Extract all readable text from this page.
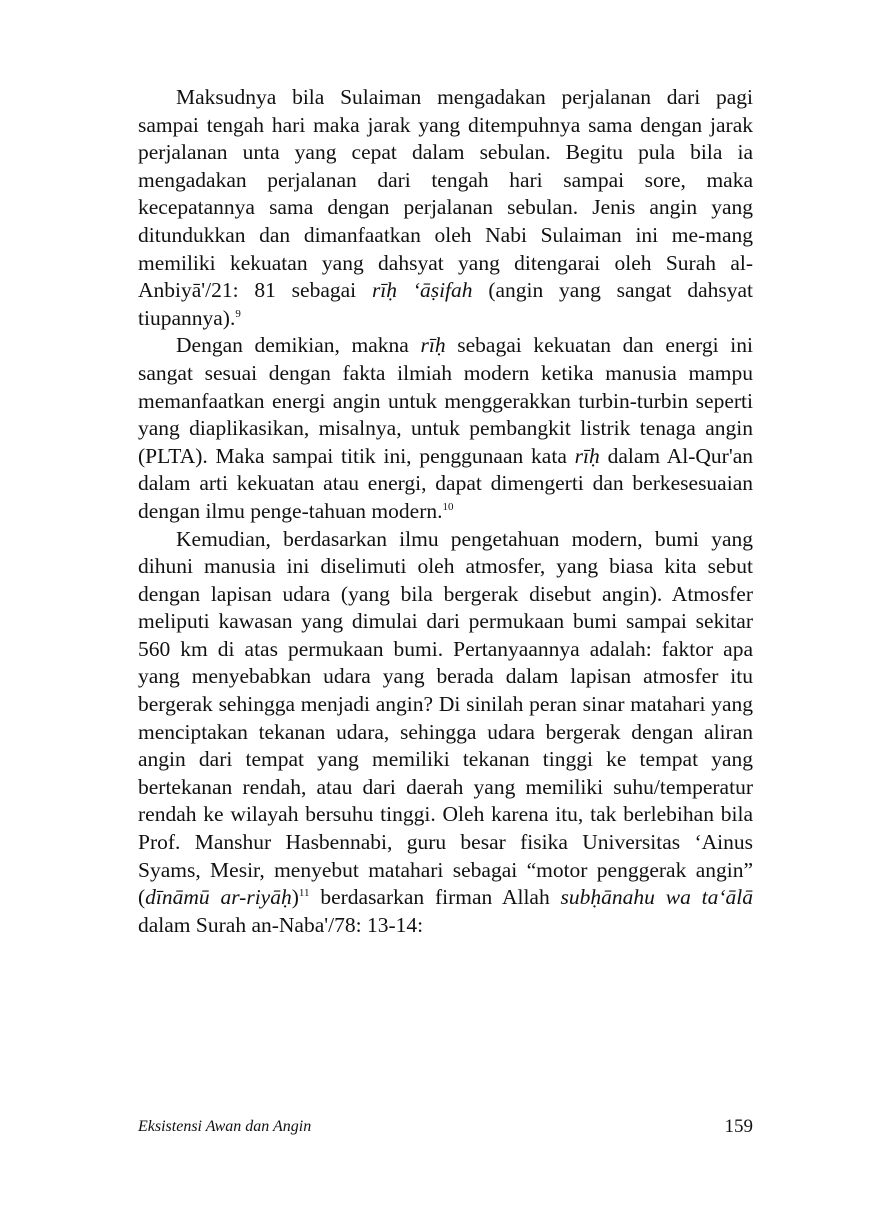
Maksudnya bila Sulaiman mengadakan perjalanan dari pagi sampai tengah hari maka jarak yang ditempuhnya sama dengan jarak perjalanan unta yang cepat dalam sebulan. Begitu pula bila ia mengadakan perjalanan dari tengah hari sampai sore, maka kecepatannya sama dengan perjalanan sebulan. Jenis angin yang ditundukkan dan dimanfaatkan oleh Nabi Sulaiman ini me-mang memiliki kekuatan yang dahsyat yang ditengarai oleh Surah al-Anbiyā'/21: 81 sebagai rīḥ ‘āṣifah (angin yang sangat dahsyat tiupannya).$^9$

Dengan demikian, makna rīḥ sebagai kekuatan dan energi ini sangat sesuai dengan fakta ilmiah modern ketika manusia mampu memanfaatkan energi angin untuk menggerakkan turbin-turbin seperti yang diaplikasikan, misalnya, untuk pembangkit listrik tenaga angin (PLTA). Maka sampai titik ini, penggunaan kata rīḥ dalam Al-Qur'an dalam arti kekuatan atau energi, dapat dimengerti dan berkesesuaian dengan ilmu penge-tahuan modern.$^{10}$

Kemudian, berdasarkan ilmu pengetahuan modern, bumi yang dihuni manusia ini diselimuti oleh atmosfer, yang biasa kita sebut dengan lapisan udara (yang bila bergerak disebut angin). Atmosfer meliputi kawasan yang dimulai dari permukaan bumi sampai sekitar 560 km di atas permukaan bumi. Pertanyaannya adalah: faktor apa yang menyebabkan udara yang berada dalam lapisan atmosfer itu bergerak sehingga menjadi angin? Di sinilah peran sinar matahari yang menciptakan tekanan udara, sehingga udara bergerak dengan aliran angin dari tempat yang memiliki tekanan tinggi ke tempat yang bertekanan rendah, atau dari daerah yang memiliki suhu/temperatur rendah ke wilayah bersuhu tinggi. Oleh karena itu, tak berlebihan bila Prof. Manshur Hasbennabi, guru besar fisika Universitas ‘Ainus Syams, Mesir, menyebut matahari sebagai “motor penggerak angin” (dīnāmū ar-riyāḥ)$^{11}$ berdasarkan firman Allah subḥānahu wa ta‘ālā dalam Surah an-Naba'/78: 13-14:

Eksistensi Awan dan Angin	159
